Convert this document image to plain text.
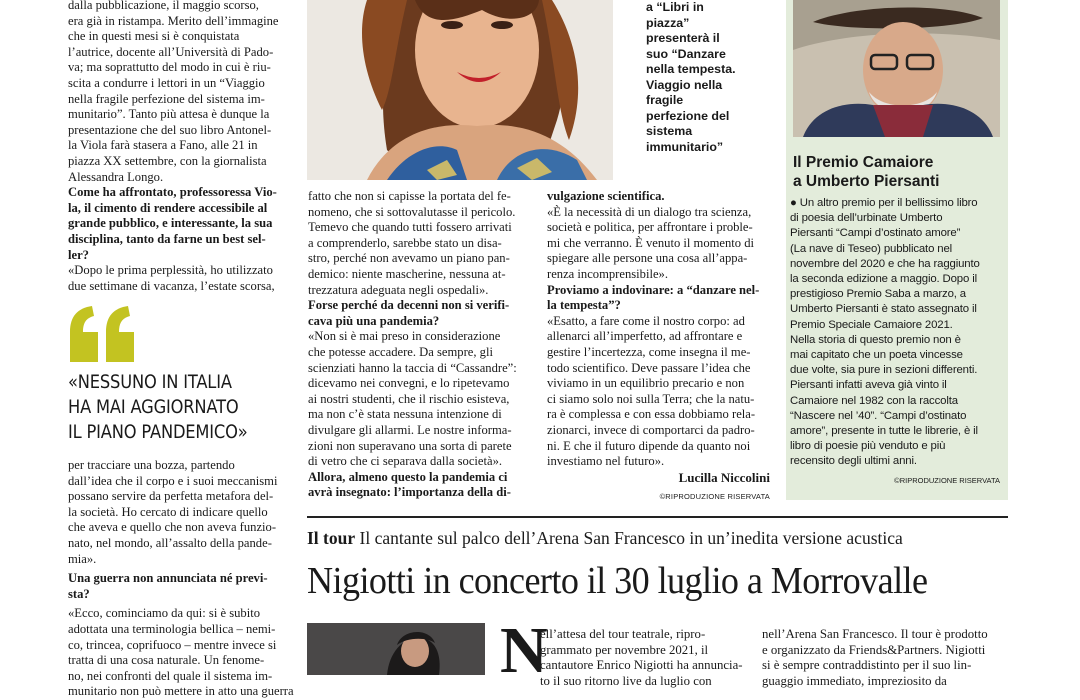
a “Libri in
piazza”
presenterà il
suo “Danzare
nella tempesta.
Viaggio nella
fragile
perfezione del
sistema
immunitario”

dalla pubblicazione, il maggio scorso,

era già in ristampa. Merito dell’immagine

che in questi mesi si è conquistata

l’autrice, docente all’Università di Pado-

va; ma soprattutto del modo in cui è riu-

scita a condurre i lettori in un “Viaggio

nella fragile perfezione del sistema im-

munitario”. Tanto più attesa è dunque la

presentazione che del suo libro Antonel-

la Viola farà stasera a Fano, alle 21 in

piazza XX settembre, con la giornalista

Alessandra Longo.

Come ha affrontato, professoressa Vio-

la, il cimento di rendere accessibile al

grande pubblico, e interessante, la sua

disciplina, tanto da farne un best sel-

ler?

«Dopo le prima perplessità, ho utilizzato

due settimane di vacanza, l’estate scorsa,

«NESSUNO IN ITALIA
HA MAI AGGIORNATO
IL PIANO PANDEMICO»

per tracciare una bozza, partendo

dall’idea che il corpo e i suoi meccanismi

possano servire da perfetta metafora del-

la società. Ho cercato di indicare quello

che aveva e quello che non aveva funzio-

nato, nel mondo, all’assalto della pande-

mia».

Una guerra non annunciata né previ-

sta?

«Ecco, cominciamo da qui: si è subito

adottata una terminologia bellica – nemi-

co, trincea, coprifuoco – mentre invece si

tratta di una cosa naturale. Un fenome-

no, nei confronti del quale il sistema im-

munitario non può mettere in atto una guerra

fatto che non si capisse la portata del fe-

nomeno, che si sottovalutasse il pericolo.

Temevo che quando tutti fossero arrivati

a comprenderlo, sarebbe stato un disa-

stro, perché non avevamo un piano pan-

demico: niente mascherine, nessuna at-

trezzatura adeguata negli ospedali».

Forse perché da decenni non si verifi-

cava più una pandemia?

«Non si è mai preso in considerazione

che potesse accadere. Da sempre, gli

scienziati hanno la taccia di “Cassandre”:

dicevamo nei convegni, e lo ripetevamo

ai nostri studenti, che il rischio esisteva,

ma non c’è stata nessuna intenzione di

divulgare gli allarmi. Le nostre informa-

zioni non superavano una sorta di parete

di vetro che ci separava dalla società».

Allora, almeno questo la pandemia ci

avrà insegnato: l’importanza della di-

vulgazione scientifica.

«È la necessità di un dialogo tra scienza,

società e politica, per affrontare i proble-

mi che verranno. È venuto il momento di

spiegare alle persone una cosa all’appa-

renza incomprensibile».

Proviamo a indovinare: a “danzare nel-

la tempesta”?

«Esatto, a fare come il nostro corpo: ad

allenarci all’imperfetto, ad affrontare e

gestire l’incertezza, come insegna il me-

todo scientifico. Deve passare l’idea che

viviamo in un equilibrio precario e non

ci siamo solo noi sulla Terra; che la natu-

ra è complessa e con essa dobbiamo rela-

zionarci, invece di comportarci da padro-

ni. E che il futuro dipende da quanto noi

investiamo nel futuro».

Lucilla Niccolini
©RIPRODUZIONE RISERVATA
Il Premio Camaiore
a Umberto Piersanti
● Un altro premio per il bellissimo libro
di poesia dell’urbinate Umberto
Piersanti “Campi d’ostinato amore”
(La nave di Teseo) pubblicato nel
novembre del 2020 e che ha raggiunto
la seconda edizione a maggio. Dopo il
prestigioso Premio Saba a marzo, a
Umberto Piersanti è stato assegnato il
Premio Speciale Camaiore 2021.
Nella storia di questo premio non è
mai capitato che un poeta vincesse
due volte, sia pure in sezioni differenti.
Piersanti infatti aveva già vinto il
Camaiore nel 1982 con la raccolta
“Nascere nel ’40”. “Campi d’ostinato
amore”, presente in tutte le librerie, è il
libro di poesie più venduto e più
recensito degli ultimi anni.
©RIPRODUZIONE RISERVATA
Il tour Il cantante sul palco dell’Arena San Francesco in un’inedita versione acustica
Nigiotti in concerto il 30 luglio a Morrovalle
N

ell’attesa del tour teatrale, ripro-

grammato per novembre 2021, il

cantautore Enrico Nigiotti ha annuncia-

to il suo ritorno live da luglio con

nell’Arena San Francesco. Il tour è prodotto

e organizzato da Friends&Partners. Nigiotti

si è sempre contraddistinto per il suo lin-

guaggio immediato, impreziosito da
